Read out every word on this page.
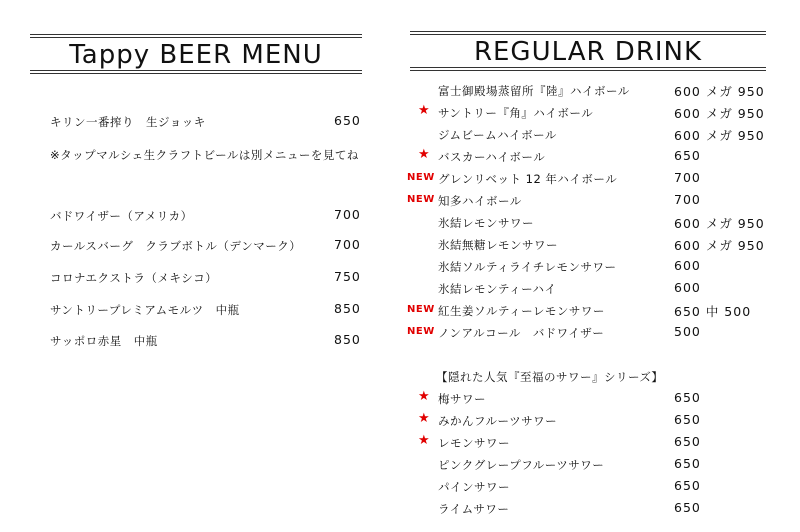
Tappy BEER MENU
キリン一番搾り　生ジョッキ	650
※タップマルシェ生クラフトビールは別メニューを見てね
バドワイザー（アメリカ）	700
カールスバーグ　クラブボトル（デンマーク）	700
コロナエクストラ（メキシコ）	750
サントリープレミアムモルツ　中瓶	850
サッポロ赤星　中瓶	850
REGULAR DRINK
富士御殿場蒸留所『陸』ハイボール	600 メガ 950
★ サントリー『角』ハイボール	600 メガ 950
ジムビームハイボール	600 メガ 950
★ バスカーハイボール	650
NEW グレンリベット 12 年ハイボール	700
NEW 知多ハイボール	700
氷結レモンサワー	600 メガ 950
氷結無糖レモンサワー	600 メガ 950
氷結ソルティライチレモンサワー	600
氷結レモンティーハイ	600
NEW 紅生姜ソルティーレモンサワー	650 中 500
NEW ノンアルコール　バドワイザー	500
【隠れた人気『至福のサワー』シリーズ】
★ 梅サワー	650
★ みかんフルーツサワー	650
★ レモンサワー	650
ピンクグレープフルーツサワー	650
パインサワー	650
ライムサワー	650
